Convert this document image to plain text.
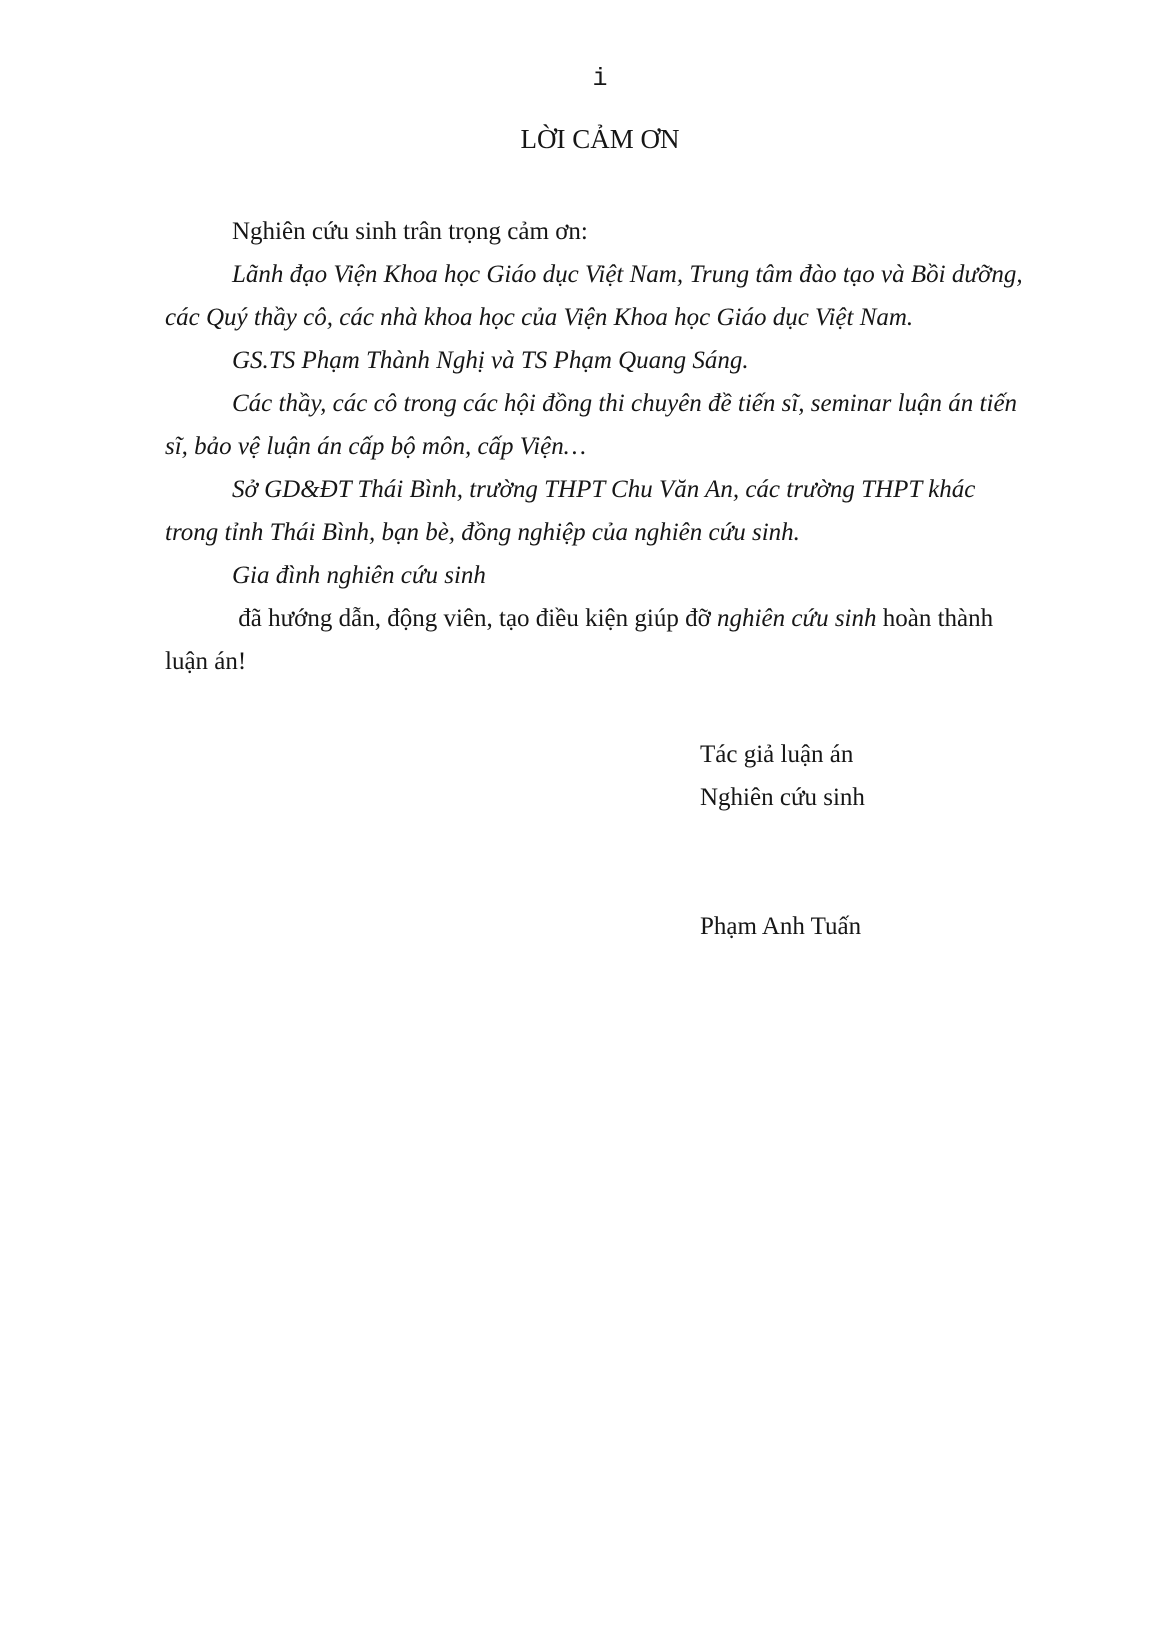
i
LỜI CẢM ƠN
Nghiên cứu sinh trân trọng cảm ơn:
Lãnh đạo Viện Khoa học Giáo dục Việt Nam, Trung tâm đào tạo và Bồi dưỡng,
các Quý thầy cô, các nhà khoa học của Viện Khoa học Giáo dục Việt Nam.
GS.TS Phạm Thành Nghị và TS Phạm Quang Sáng.
Các thầy, các cô trong các hội đồng thi chuyên đề tiến sĩ, seminar luận án tiến
sĩ, bảo vệ luận án cấp bộ môn, cấp Viện…
Sở GD&ĐT Thái Bình, trường THPT Chu Văn An, các trường THPT khác
trong tỉnh Thái Bình, bạn bè, đồng nghiệp của nghiên cứu sinh.
Gia đình nghiên cứu sinh
đã hướng dẫn, động viên, tạo điều kiện giúp đỡ nghiên cứu sinh hoàn thành
luận án!
Tác giả luận án
Nghiên cứu sinh
Phạm Anh Tuấn
